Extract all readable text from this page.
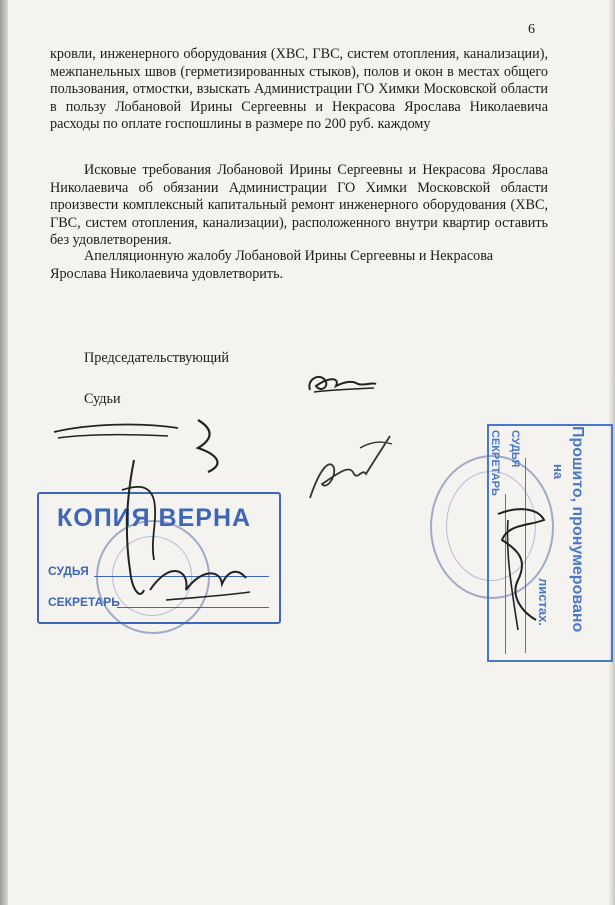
6

кровли, инженерного оборудования (ХВС, ГВС, систем отопления, канализации), межпанельных швов (герметизированных стыков), полов и окон в местах общего пользования, отмостки, взыскать Администрации ГО Химки Московской области в пользу Лобановой Ирины Сергеевны и Некрасова Ярослава Николаевича расходы по оплате госпошлины в размере по 200 руб. каждому

Исковые требования Лобановой Ирины Сергеевны и Некрасова Ярослава Николаевича об обязании Администрации ГО Химки Московской области произвести комплексный капитальный ремонт инженерного оборудования (ХВС, ГВС, систем отопления, канализации), расположенного внутри квартир оставить без удовлетворения.

Апелляционную жалобу Лобановой Ирины Сергеевны и Некрасова Ярослава Николаевича удовлетворить.

Председательствующий
Судьи
КОПИЯ ВЕРНА
СУДЬЯ
СЕКРЕТАРЬ	Прошито, пронумеровано
на
листах.
СУДЬЯ
СЕКРЕТАРЬ
